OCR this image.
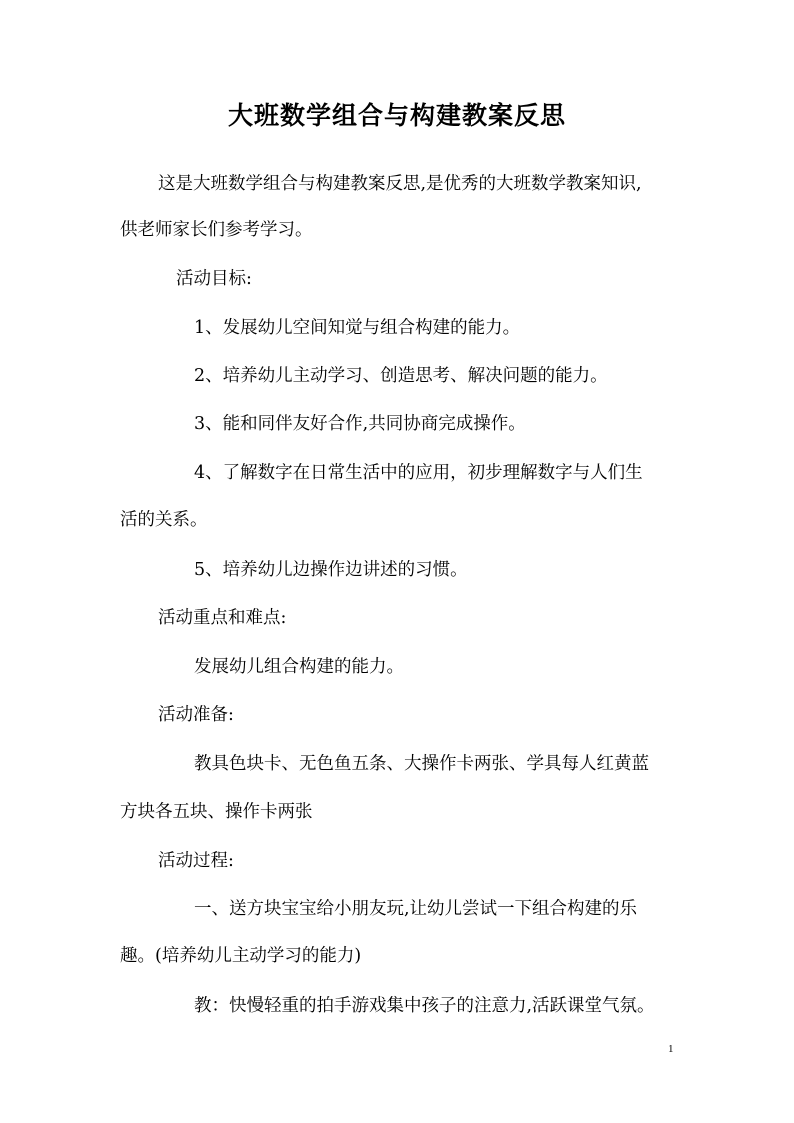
大班数学组合与构建教案反思
这是大班数学组合与构建教案反思,是优秀的大班数学教案知识,
供老师家长们参考学习。
活动目标:
1、发展幼儿空间知觉与组合构建的能力。
2、培养幼儿主动学习、创造思考、解决问题的能力。
3、能和同伴友好合作,共同协商完成操作。
4、了解数字在日常生活中的应用，初步理解数字与人们生
活的关系。
5、培养幼儿边操作边讲述的习惯。
活动重点和难点:
发展幼儿组合构建的能力。
活动准备:
教具色块卡、无色鱼五条、大操作卡两张、学具每人红黄蓝
方块各五块、操作卡两张
活动过程:
一、送方块宝宝给小朋友玩,让幼儿尝试一下组合构建的乐
趣。(培养幼儿主动学习的能力)
教：快慢轻重的拍手游戏集中孩子的注意力,活跃课堂气氛。
1
